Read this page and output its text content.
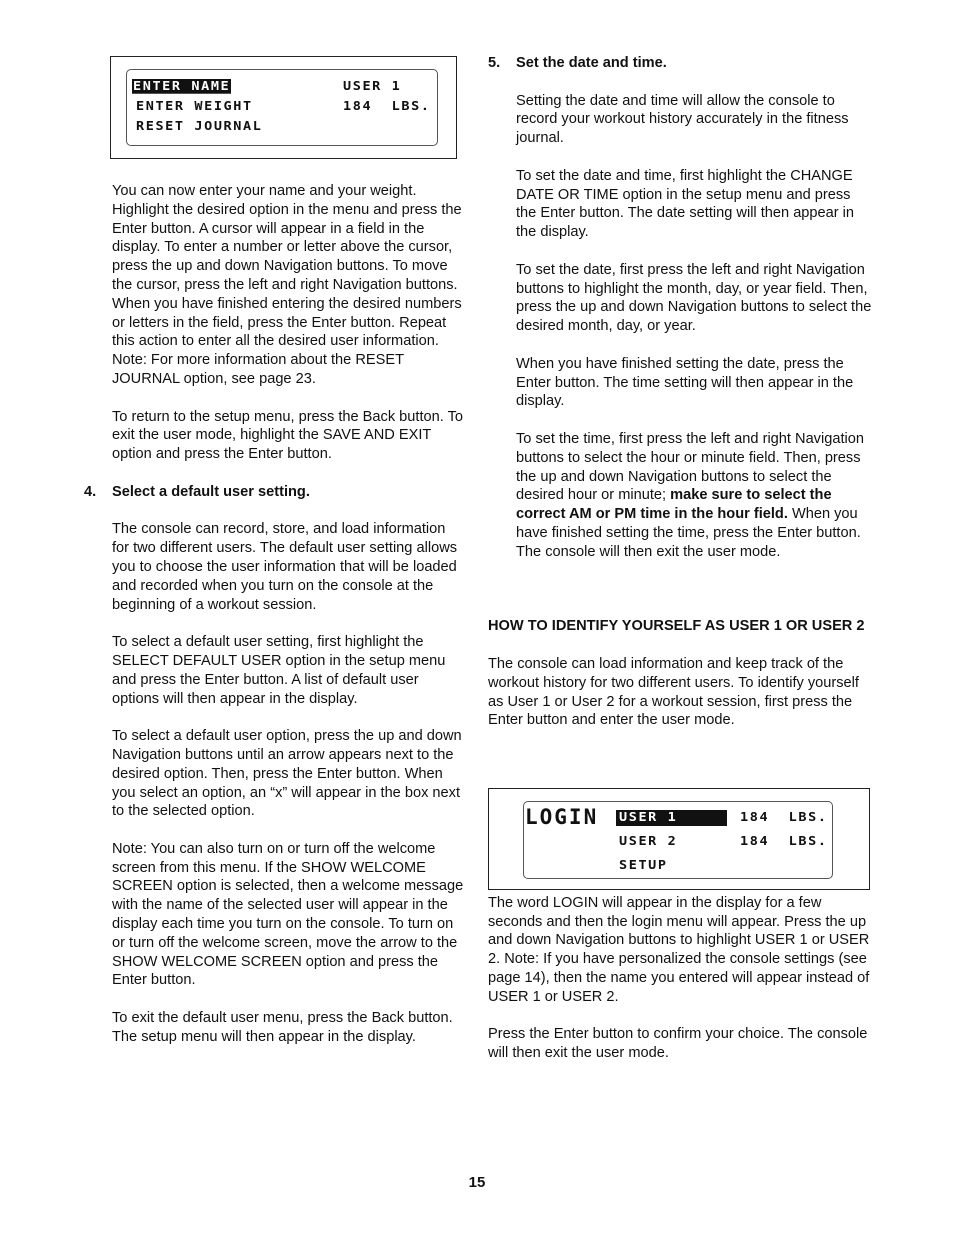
ENTER NAME	USER 1
ENTER WEIGHT	184  LBS.
RESET JOURNAL

You can now enter your name and your weight. Highlight the desired option in the menu and press the Enter button. A cursor will appear in a field in the display. To enter a number or letter above the cursor, press the up and down Navigation buttons. To move the cursor, press the left and right Navigation buttons. When you have finished entering the desired numbers or letters in the field, press the Enter button. Repeat this action to enter all the desired user information. Note: For more information about the RESET JOURNAL option, see page 23.

To return to the setup menu, press the Back button. To exit the user mode, highlight the SAVE AND EXIT option and press the Enter button.

4. Select a default user setting.

The console can record, store, and load information for two different users. The default user setting allows you to choose the user information that will be loaded and recorded when you turn on the console at the beginning of a workout session.

To select a default user setting, first highlight the SELECT DEFAULT USER option in the setup menu and press the Enter button. A list of default user options will then appear in the display.

To select a default user option, press the up and down Navigation buttons until an arrow appears next to the desired option. Then, press the Enter button. When you select an option, an “x” will appear in the box next to the selected option.

Note: You can also turn on or turn off the welcome screen from this menu. If the SHOW WELCOME SCREEN option is selected, then a welcome message with the name of the selected user will appear in the display each time you turn on the console. To turn on or turn off the welcome screen, move the arrow to the SHOW WELCOME SCREEN option and press the Enter button.

To exit the default user menu, press the Back button. The setup menu will then appear in the display.

5. Set the date and time.

Setting the date and time will allow the console to record your workout history accurately in the fitness journal.

To set the date and time, first highlight the CHANGE DATE OR TIME option in the setup menu and press the Enter button. The date setting will then appear in the display.

To set the date, first press the left and right Navigation buttons to highlight the month, day, or year field. Then, press the up and down Navigation buttons to select the desired month, day, or year.

When you have finished setting the date, press the Enter button. The time setting will then appear in the display.

To set the time, first press the left and right Navigation buttons to select the hour or minute field. Then, press the up and down Navigation buttons to select the desired hour or minute; make sure to select the correct AM or PM time in the hour field. When you have finished setting the time, press the Enter button. The console will then exit the user mode.

HOW TO IDENTIFY YOURSELF AS USER 1 OR USER 2

The console can load information and keep track of the workout history for two different users. To identify yourself as User 1 or User 2 for a workout session, first press the Enter button and enter the user mode.

The word LOGIN will appear in the display for a few seconds and then the login menu will appear. Press the up and down Navigation buttons to highlight USER 1 or USER 2. Note: If you have personalized the console settings (see page 14), then the name you entered will appear instead of USER 1 or USER 2.

Press the Enter button to confirm your choice. The console will then exit the user mode.

LOGIN USER 1	184  LBS.
USER 2	184  LBS.
SETUP
15
